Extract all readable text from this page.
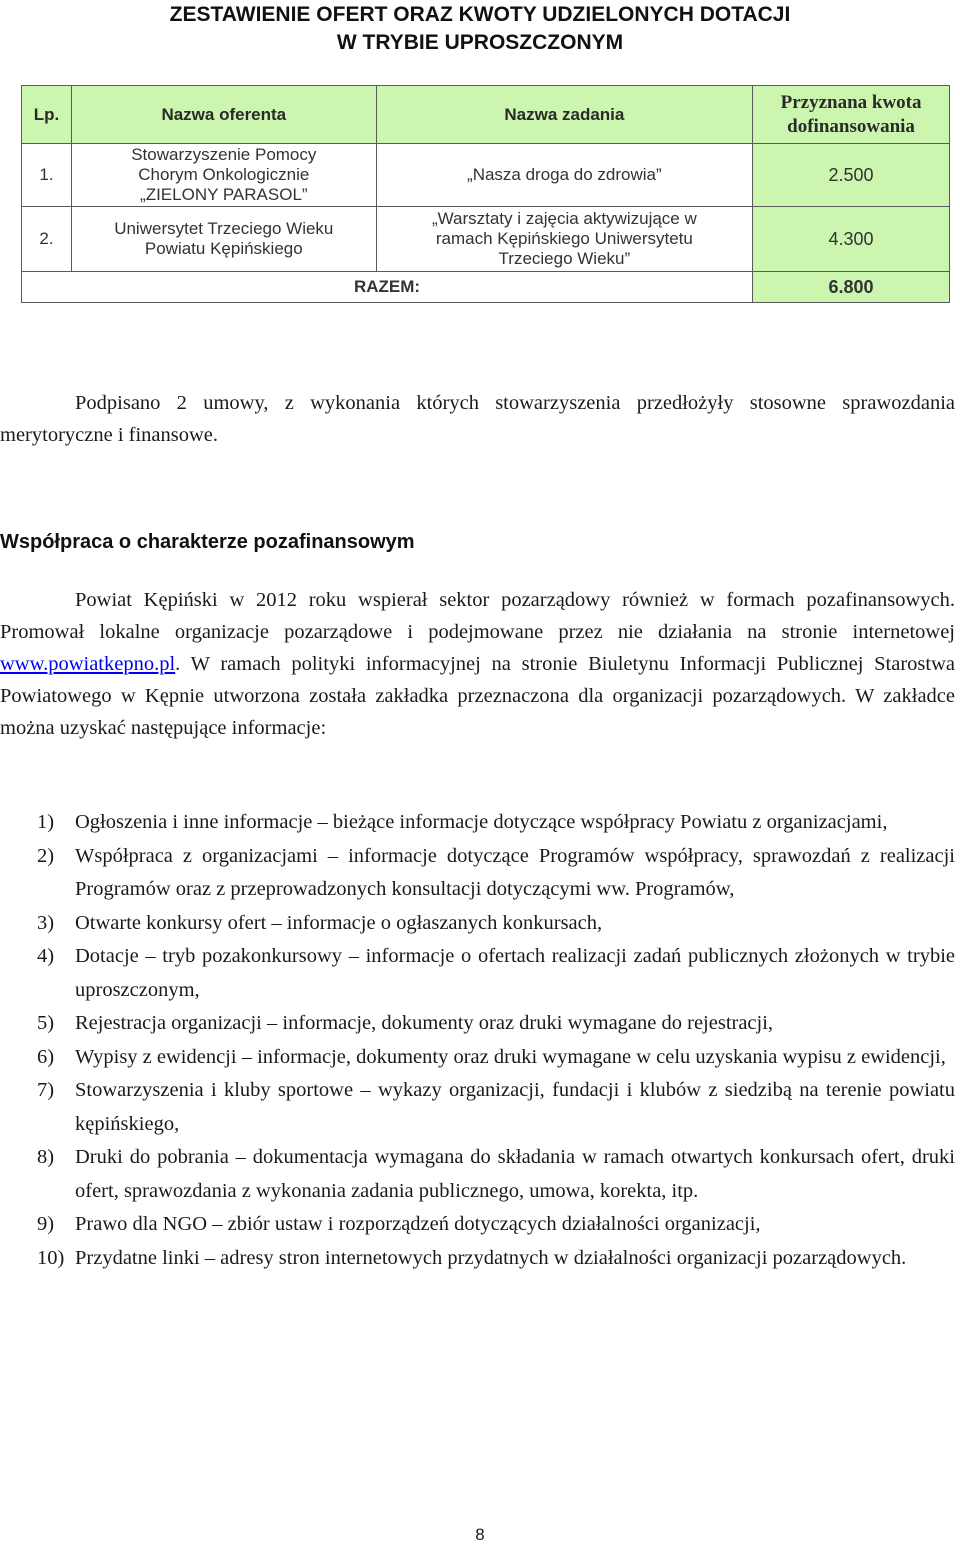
ZESTAWIENIE OFERT ORAZ KWOTY UDZIELONYCH DOTACJI
W TRYBIE UPROSZCZONYM
Lp.	Nazwa oferenta	Nazwa zadania	Przyznana kwota
dofinansowania
1.	Stowarzyszenie Pomocy
Chorym Onkologicznie
„ZIELONY PARASOL”	„Nasza droga do zdrowia”	2.500
2.	Uniwersytet Trzeciego Wieku
Powiatu Kępińskiego	„Warsztaty i zajęcia aktywizujące w
ramach Kępińskiego Uniwersytetu
Trzeciego Wieku”	4.300
RAZEM:			6.800

Podpisano 2 umowy, z wykonania których stowarzyszenia przedłożyły stosowne sprawozdania merytoryczne i finansowe.

Współpraca o charakterze pozafinansowym

Powiat Kępiński w 2012 roku wspierał sektor pozarządowy również w formach pozafinansowych. Promował lokalne organizacje pozarządowe i podejmowane przez nie działania na stronie internetowej www.powiatkepno.pl. W ramach polityki informacyjnej na stronie Biuletynu Informacji Publicznej Starostwa Powiatowego w Kępnie utworzona została zakładka przeznaczona dla organizacji pozarządowych. W zakładce można uzyskać następujące informacje:

1) Ogłoszenia i inne informacje – bieżące informacje dotyczące współpracy Powiatu z organizacjami,
2) Współpraca z organizacjami – informacje dotyczące Programów współpracy, sprawozdań z realizacji Programów oraz z przeprowadzonych konsultacji dotyczącymi ww. Programów,
3) Otwarte konkursy ofert – informacje o ogłaszanych konkursach,
4) Dotacje – tryb pozakonkursowy – informacje o ofertach realizacji zadań publicznych złożonych w trybie uproszczonym,
5) Rejestracja organizacji – informacje, dokumenty oraz druki wymagane do rejestracji,
6) Wypisy z ewidencji – informacje, dokumenty oraz druki wymagane w celu uzyskania wypisu z ewidencji,
7) Stowarzyszenia i kluby sportowe – wykazy organizacji, fundacji i klubów z siedzibą na terenie powiatu kępińskiego,
8) Druki do pobrania – dokumentacja wymagana do składania w ramach otwartych konkursach ofert, druki ofert, sprawozdania z wykonania zadania publicznego, umowa, korekta, itp.
9) Prawo dla NGO – zbiór ustaw i rozporządzeń dotyczących działalności organizacji,
10) Przydatne linki – adresy stron internetowych przydatnych w działalności organizacji pozarządowych.
8
